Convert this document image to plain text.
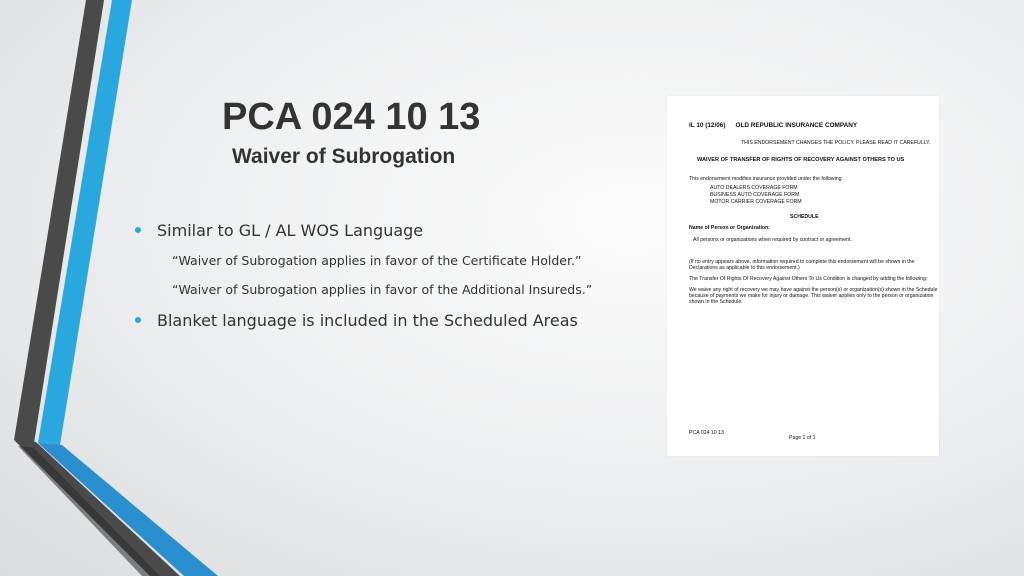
PCA 024 10 13
Waiver of Subrogation
Similar to GL / AL WOS Language
“Waiver of Subrogation applies in favor of the Certificate Holder.”
“Waiver of Subrogation applies in favor of the Additional Insureds.”
Blanket language is included in the Scheduled Areas
IL 10 (12/06) OLD REPUBLIC INSURANCE COMPANY
THIS ENDORSEMENT CHANGES THE POLICY. PLEASE READ IT CAREFULLY.
WAIVER OF TRANSFER OF RIGHTS OF RECOVERY AGAINST OTHERS TO US
This endorsement modifies insurance provided under the following:
AUTO DEALERS COVERAGE FORM
BUSINESS AUTO COVERAGE FORM
MOTOR CARRIER COVERAGE FORM
SCHEDULE
Name of Person or Organization:
All persons or organizations when required by contract or agreement.
(If no entry appears above, information required to complete this endorsement will be shown in the
Declarations as applicable to this endorsement.)
The Transfer Of Rights Of Recovery Against Others To Us Condition is changed by adding the following:
We waive any right of recovery we may have against the person(s) or organization(s) shown in the Schedule
because of payments we make for injury or damage. This waiver applies only to the person or organization
shown in the Schedule.
PCA 024 10 13
Page 1 of 1
